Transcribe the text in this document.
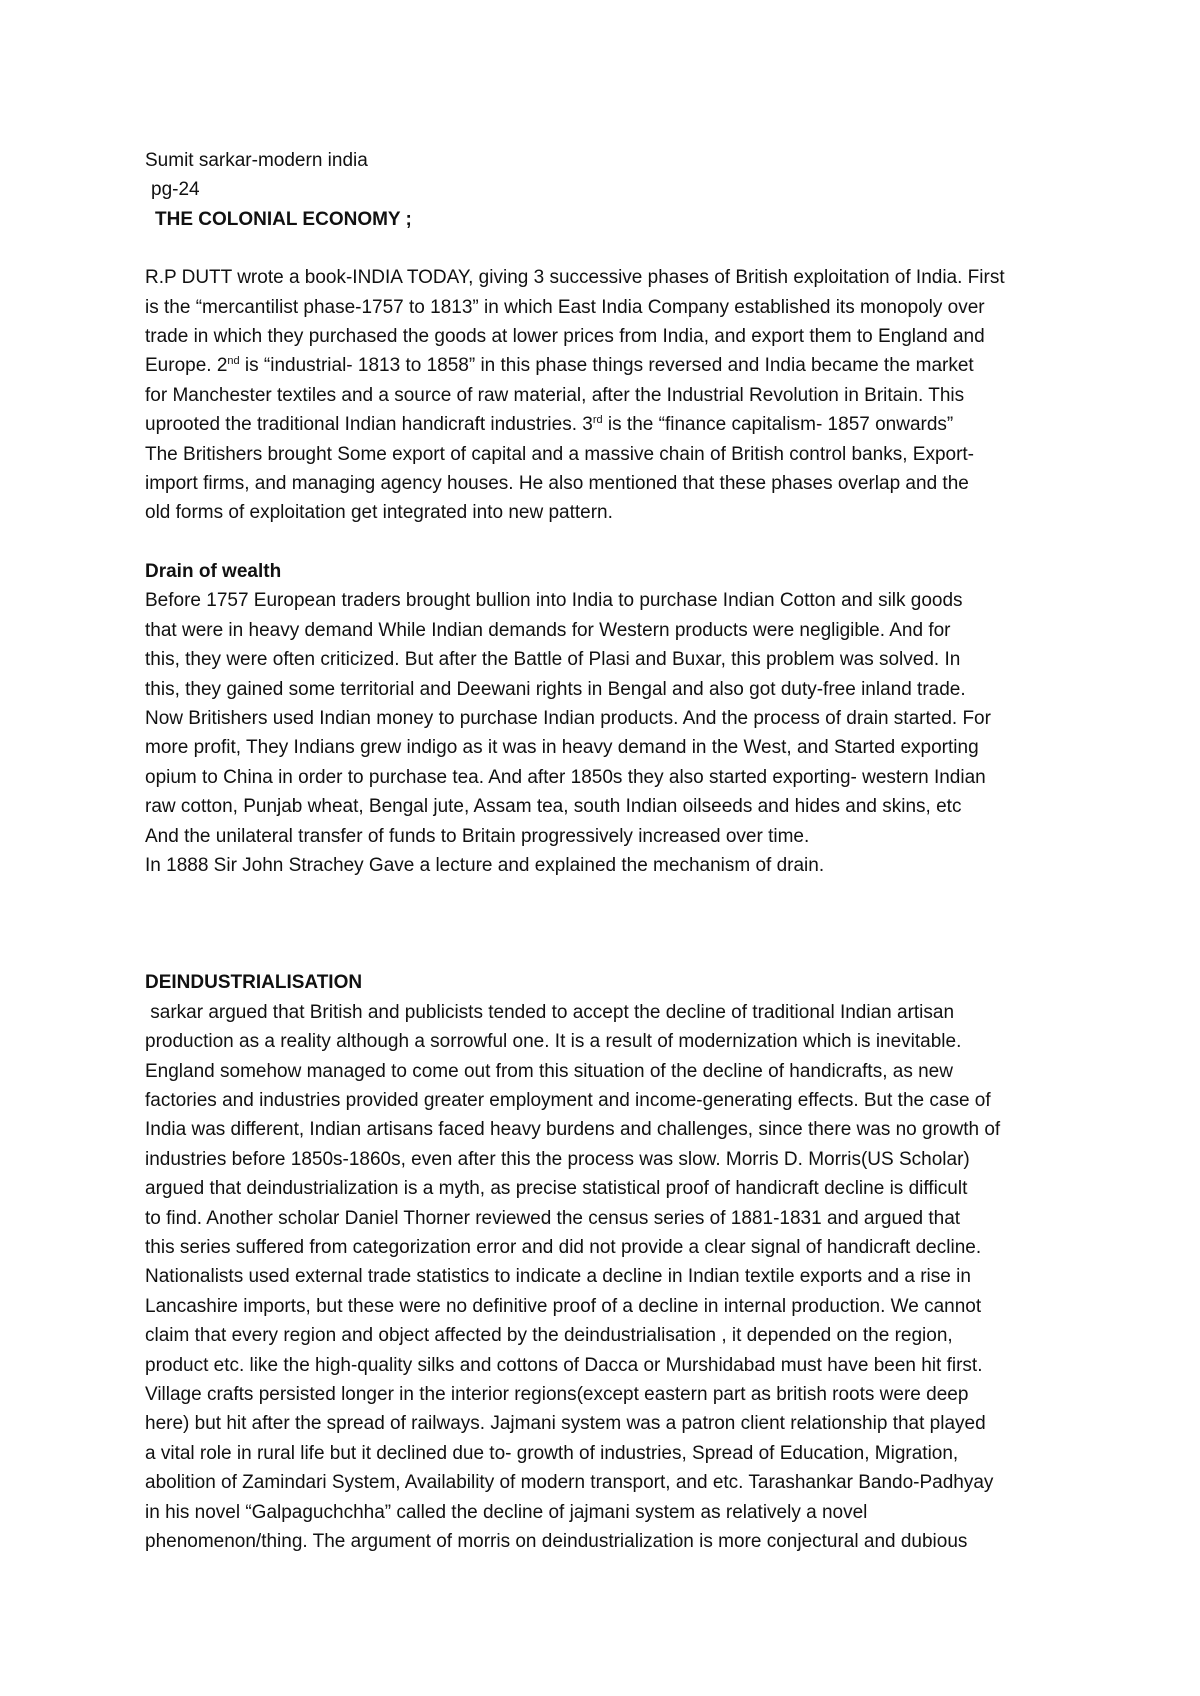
Sumit sarkar-modern india

pg-24

THE COLONIAL ECONOMY ;

R.P DUTT wrote a book-INDIA TODAY, giving 3 successive phases of British exploitation of India. First

is the “mercantilist phase-1757 to 1813” in which East India Company established its monopoly over

trade in which they purchased the goods at lower prices from India, and export them to England and

Europe. 2nd is “industrial- 1813 to 1858” in this phase things reversed and India became the market

for Manchester textiles and a source of raw material, after the Industrial Revolution in Britain. This

uprooted the traditional Indian handicraft industries. 3rd is the “finance capitalism- 1857 onwards”

The Britishers brought Some export of capital and a massive chain of British control banks, Export-

import firms, and managing agency houses. He also mentioned that these phases overlap and the

old forms of exploitation get integrated into new pattern.

Drain of wealth

Before 1757 European traders brought bullion into India to purchase Indian Cotton and silk goods

that were in heavy demand While Indian demands for Western products were negligible. And for

this, they were often criticized. But after the Battle of Plasi and Buxar, this problem was solved. In

this, they gained some territorial and Deewani rights in Bengal and also got duty-free inland trade.

Now Britishers used Indian money to purchase Indian products. And the process of drain started. For

more profit, They Indians grew indigo as it was in heavy demand in the West, and Started exporting

opium to China in order to purchase tea. And after 1850s they also started exporting- western Indian

raw cotton, Punjab wheat, Bengal jute, Assam tea, south Indian oilseeds and hides and skins, etc

And the unilateral transfer of funds to Britain progressively increased over time.

In 1888 Sir John Strachey Gave a lecture and explained the mechanism of drain.

DEINDUSTRIALISATION

sarkar argued that British and publicists tended to accept the decline of traditional Indian artisan

production as a reality although a sorrowful one. It is a result of modernization which is inevitable.

England somehow managed to come out from this situation of the decline of handicrafts, as new

factories and industries provided greater employment and income-generating effects. But the case of

India was different, Indian artisans faced heavy burdens and challenges, since there was no growth of

industries before 1850s-1860s, even after this the process was slow. Morris D. Morris(US Scholar)

argued that deindustrialization is a myth, as precise statistical proof of handicraft decline is difficult

to find. Another scholar Daniel Thorner reviewed the census series of 1881-1831 and argued that

this series suffered from categorization error and did not provide a clear signal of handicraft decline.

Nationalists used external trade statistics to indicate a decline in Indian textile exports and a rise in

Lancashire imports, but these were no definitive proof of a decline in internal production. We cannot

claim that every region and object affected by the deindustrialisation , it depended on the region,

product etc. like the high-quality silks and cottons of Dacca or Murshidabad must have been hit first.

Village crafts persisted longer in the interior regions(except eastern part as british roots were deep

here) but hit after the spread of railways. Jajmani system was a patron client relationship that played

a vital role in rural life but it declined due to- growth of industries, Spread of Education, Migration,

abolition of Zamindari System, Availability of modern transport, and etc. Tarashankar Bando-Padhyay

in his novel “Galpaguchchha” called the decline of jajmani system as relatively a novel

phenomenon/thing. The argument of morris on deindustrialization is more conjectural and dubious
